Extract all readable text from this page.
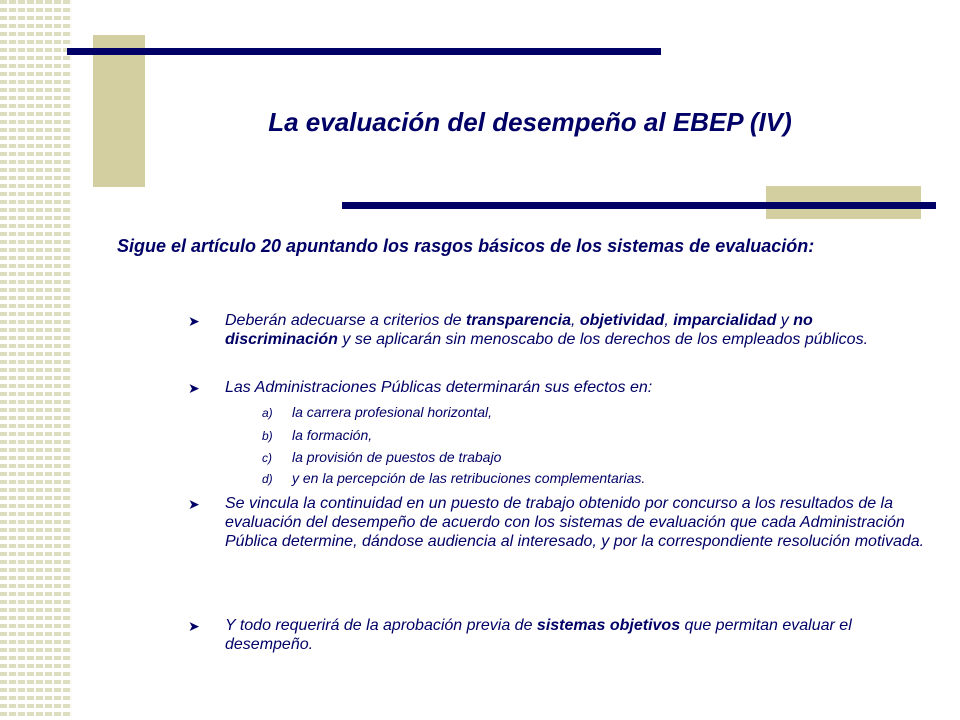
La evaluación del desempeño al EBEP (IV)
Sigue el artículo 20 apuntando los rasgos básicos de los sistemas de evaluación:
➤	Deberán adecuarse a criterios de transparencia, objetividad, imparcialidad y no discriminación y se aplicarán sin menoscabo de los derechos de los empleados públicos.
➤	Las Administraciones Públicas determinarán sus efectos en:
a) la carrera profesional horizontal,
b) la formación,
c) la provisión de puestos de trabajo
d) y en la percepción de las retribuciones complementarias.
➤	Se vincula la continuidad en un puesto de trabajo obtenido por concurso a los resultados de la evaluación del desempeño de acuerdo con los sistemas de evaluación que cada Administración Pública determine, dándose audiencia al interesado, y por la correspondiente resolución motivada.
➤	Y todo requerirá de la aprobación previa de sistemas objetivos que permitan evaluar el desempeño.
